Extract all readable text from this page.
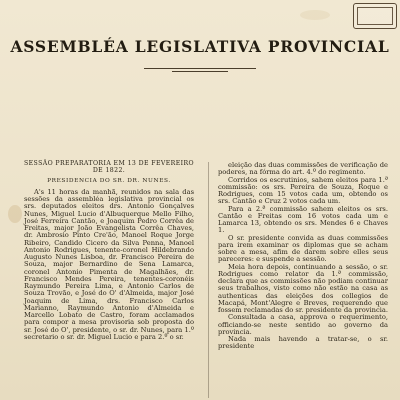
ASSEMBLÉA LEGISLATIVA PROVINCIAL

SESSÃO PREPARATORIA EM 13 DE FEVEREIRO DE 1822.

PRESIDENCIA DO SR. DR. NUNES.

A's 11 horas da manhã, reunidos na sala das sessões da assembléa legislativa provincial os srs. deputados eleitos drs. Antonio Gonçalves Nunes, Miguel Lucio d'Albuquerque Mello Filho, José Ferreira Cantão, e Joaquim Pedro Corrêa de Freitas, major João Evangelista Corrêa Chaves, dr. Ambrosio Pinto Cre'ão, Manoel Roque Jorge Ribeiro, Candido Cicero da Silva Penna, Manoel Antonio Rodrigues, tenente-coronel Hildebrando Augusto Nunes Lisboa, dr. Francisco Pereira de Souza, major Bernardino de Sena Lamarca, coronel Antonio Pimenta de Magalhães, dr. Francisco Mendes Pereira, tenentes-coronéis Raymundo Pereira Lima, e Antonio Carlos de Souza Trovão, e José do O' d'Almeida, major José Joaquim de Lima, drs. Francisco Carlos Marianno, Raymundo Antonio d'Almeida e Marcello Lobato de Castro, foram acclamados para compor a mesa provisoria sob proposta do sr. José do O', presidente, o sr. dr. Nunes, para 1.º secretario o sr. dr. Miguel Lucio e para 2.º o sr.

eleição das duas commissões de verificação de poderes, na fórma do art. 4.º do regimento.

Corridos os escrutinios, sahem eleitos para 1.ª commissão: os srs. Pereira de Souza, Roque e Rodrigues, com 15 votos cada um, obtendo os srs. Cantão e Cruz 2 votos cada um.

Para a 2.ª commissão sahem eleitos os srs. Cantão e Freitas com 16 votos cada um e Lamarca 13, obtendo os srs. Mendes 6 e Chaves 1.

O sr. presidente convida as duas commissões para irem examinar os diplomas que se acham sobre a mesa, afim de darem sobre elles seus pareceres: e suspende a sessão.

Meia hora depois, continuando a sessão, o sr. Rodrigues como relator da 1.ª commissão, declara que as commissões não podiam continuar seus trabalhos, visto como não estão na casa as authenticas das eleições dos collegios de Macapá, Mont'Alegre e Breves, requerendo que fossem reclamadas do sr. presidente da provincia.

Consultada a casa, approva o requerimento, officiando-se neste sentido ao governo da provincia.

Nada mais havendo a tratar-se, o sr. presidente
